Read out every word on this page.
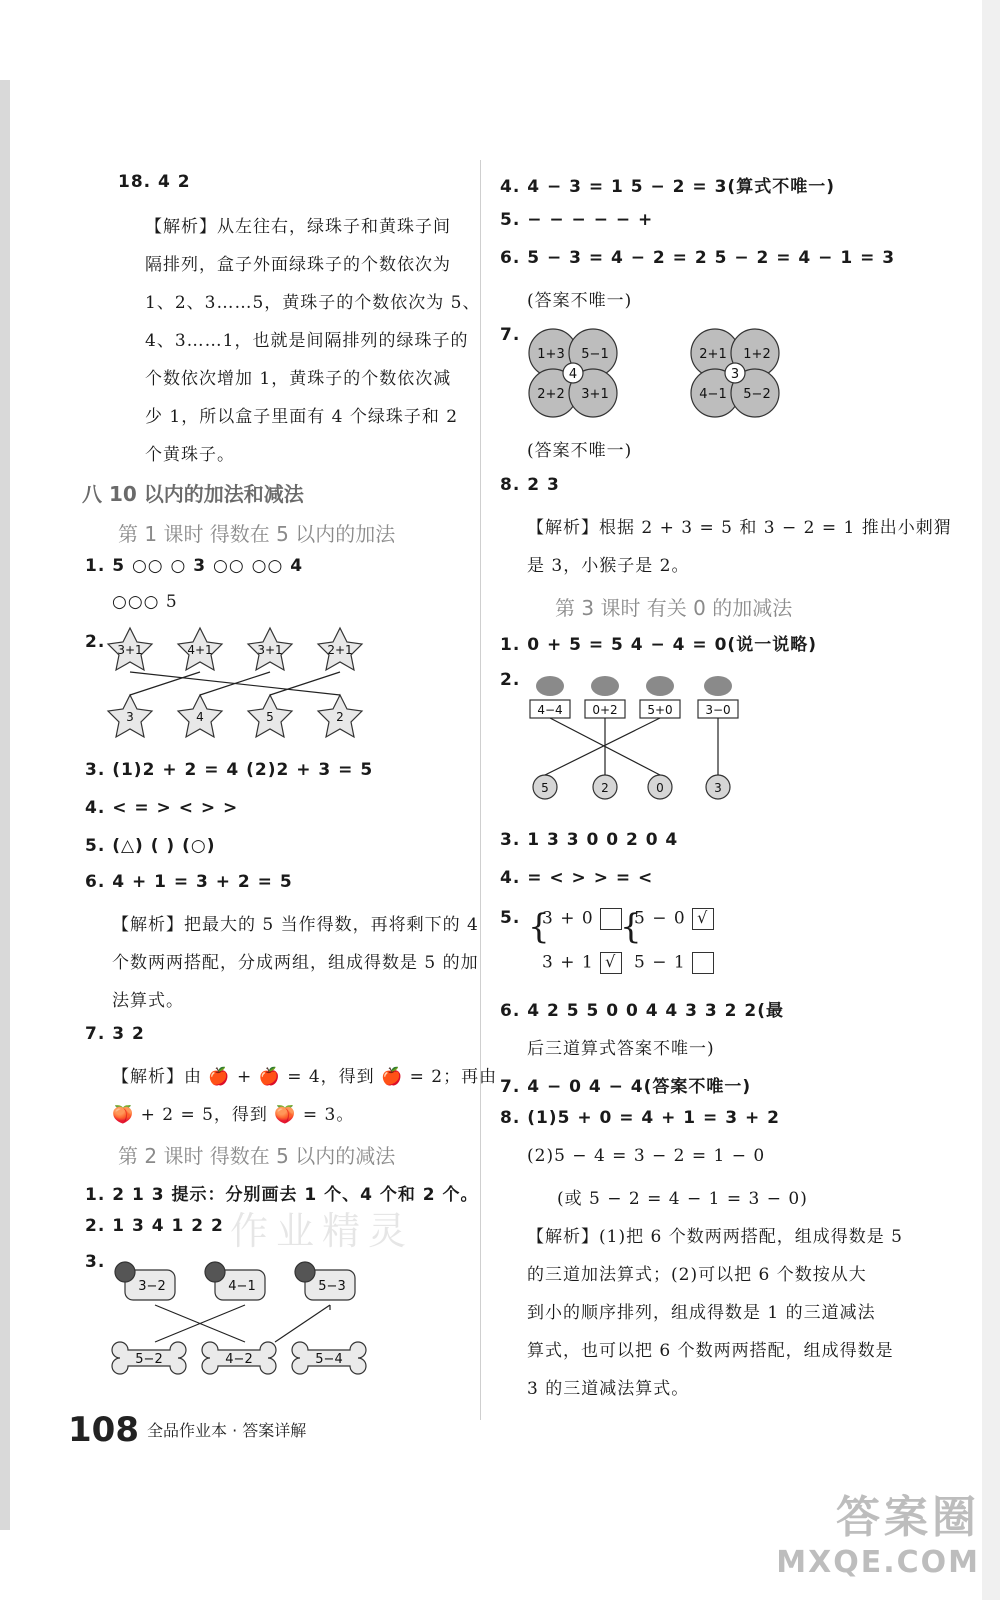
18. 4 2
【解析】从左往右，绿珠子和黄珠子间
隔排列，盒子外面绿珠子的个数依次为
1、2、3……5，黄珠子的个数依次为 5、
4、3……1，也就是间隔排列的绿珠子的
个数依次增加 1，黄珠子的个数依次减
少 1，所以盒子里面有 4 个绿珠子和 2
个黄珠子。
八 10 以内的加法和减法
第 1 课时 得数在 5 以内的加法
1. 5 ○○ ○ 3 ○○ ○○ 4
○○○ 5
2. 3+1	4+1	3+1	2+1
3	4	5	2
3. (1)2 + 2 = 4 (2)2 + 3 = 5
4. < = > < > >
5. (△) ( ) (○)
6. 4 + 1 = 3 + 2 = 5
【解析】把最大的 5 当作得数，再将剩下的 4
个数两两搭配，分成两组，组成得数是 5 的加
法算式。
7. 3 2
【解析】由 🍎 + 🍎 = 4，得到 🍎 = 2；再由
🍑 + 2 = 5，得到 🍑 = 3。
第 2 课时 得数在 5 以内的减法
1. 2 1 3 提示：分别画去 1 个、4 个和 2 个。
2. 1 3 4 1 2 2
3.
3−2	4−1	5−3
5−2	4−2	5−4
作业精灵
4. 4 − 3 = 1 5 − 2 = 3(算式不唯一)
5. − − − − − +
6. 5 − 3 = 4 − 2 = 2 5 − 2 = 4 − 1 = 3
(答案不唯一)
7.
4
1+3 5−1
2+2 3+1
3
2+1 1+2
4−1 5−2
(答案不唯一)
8. 2 3
【解析】根据 2 + 3 = 5 和 3 − 2 = 1 推出小刺猬
是 3，小猴子是 2。
第 3 课时 有关 0 的加减法
1. 0 + 5 = 5 4 − 4 = 0(说一说略)
2.
4−4 0+2 5+0	3−0
5	2	0	3
3. 1 3 3 0 0 2 0 4
4. = < > > = <
5. {
3 + 0
3 + 1 √
{
5 − 0 √
5 − 1
6. 4 2 5 5 0 0 4 4 3 3 2 2(最
后三道算式答案不唯一)
7. 4 − 0 4 − 4(答案不唯一)
8. (1)5 + 0 = 4 + 1 = 3 + 2
(2)5 − 4 = 3 − 2 = 1 − 0
(或 5 − 2 = 4 − 1 = 3 − 0)
【解析】(1)把 6 个数两两搭配，组成得数是 5
的三道加法算式；(2)可以把 6 个数按从大
到小的顺序排列，组成得数是 1 的三道减法
算式，也可以把 6 个数两两搭配，组成得数是
3 的三道减法算式。
108 全品作业本 · 答案详解
答案圈
MXQE.COM
